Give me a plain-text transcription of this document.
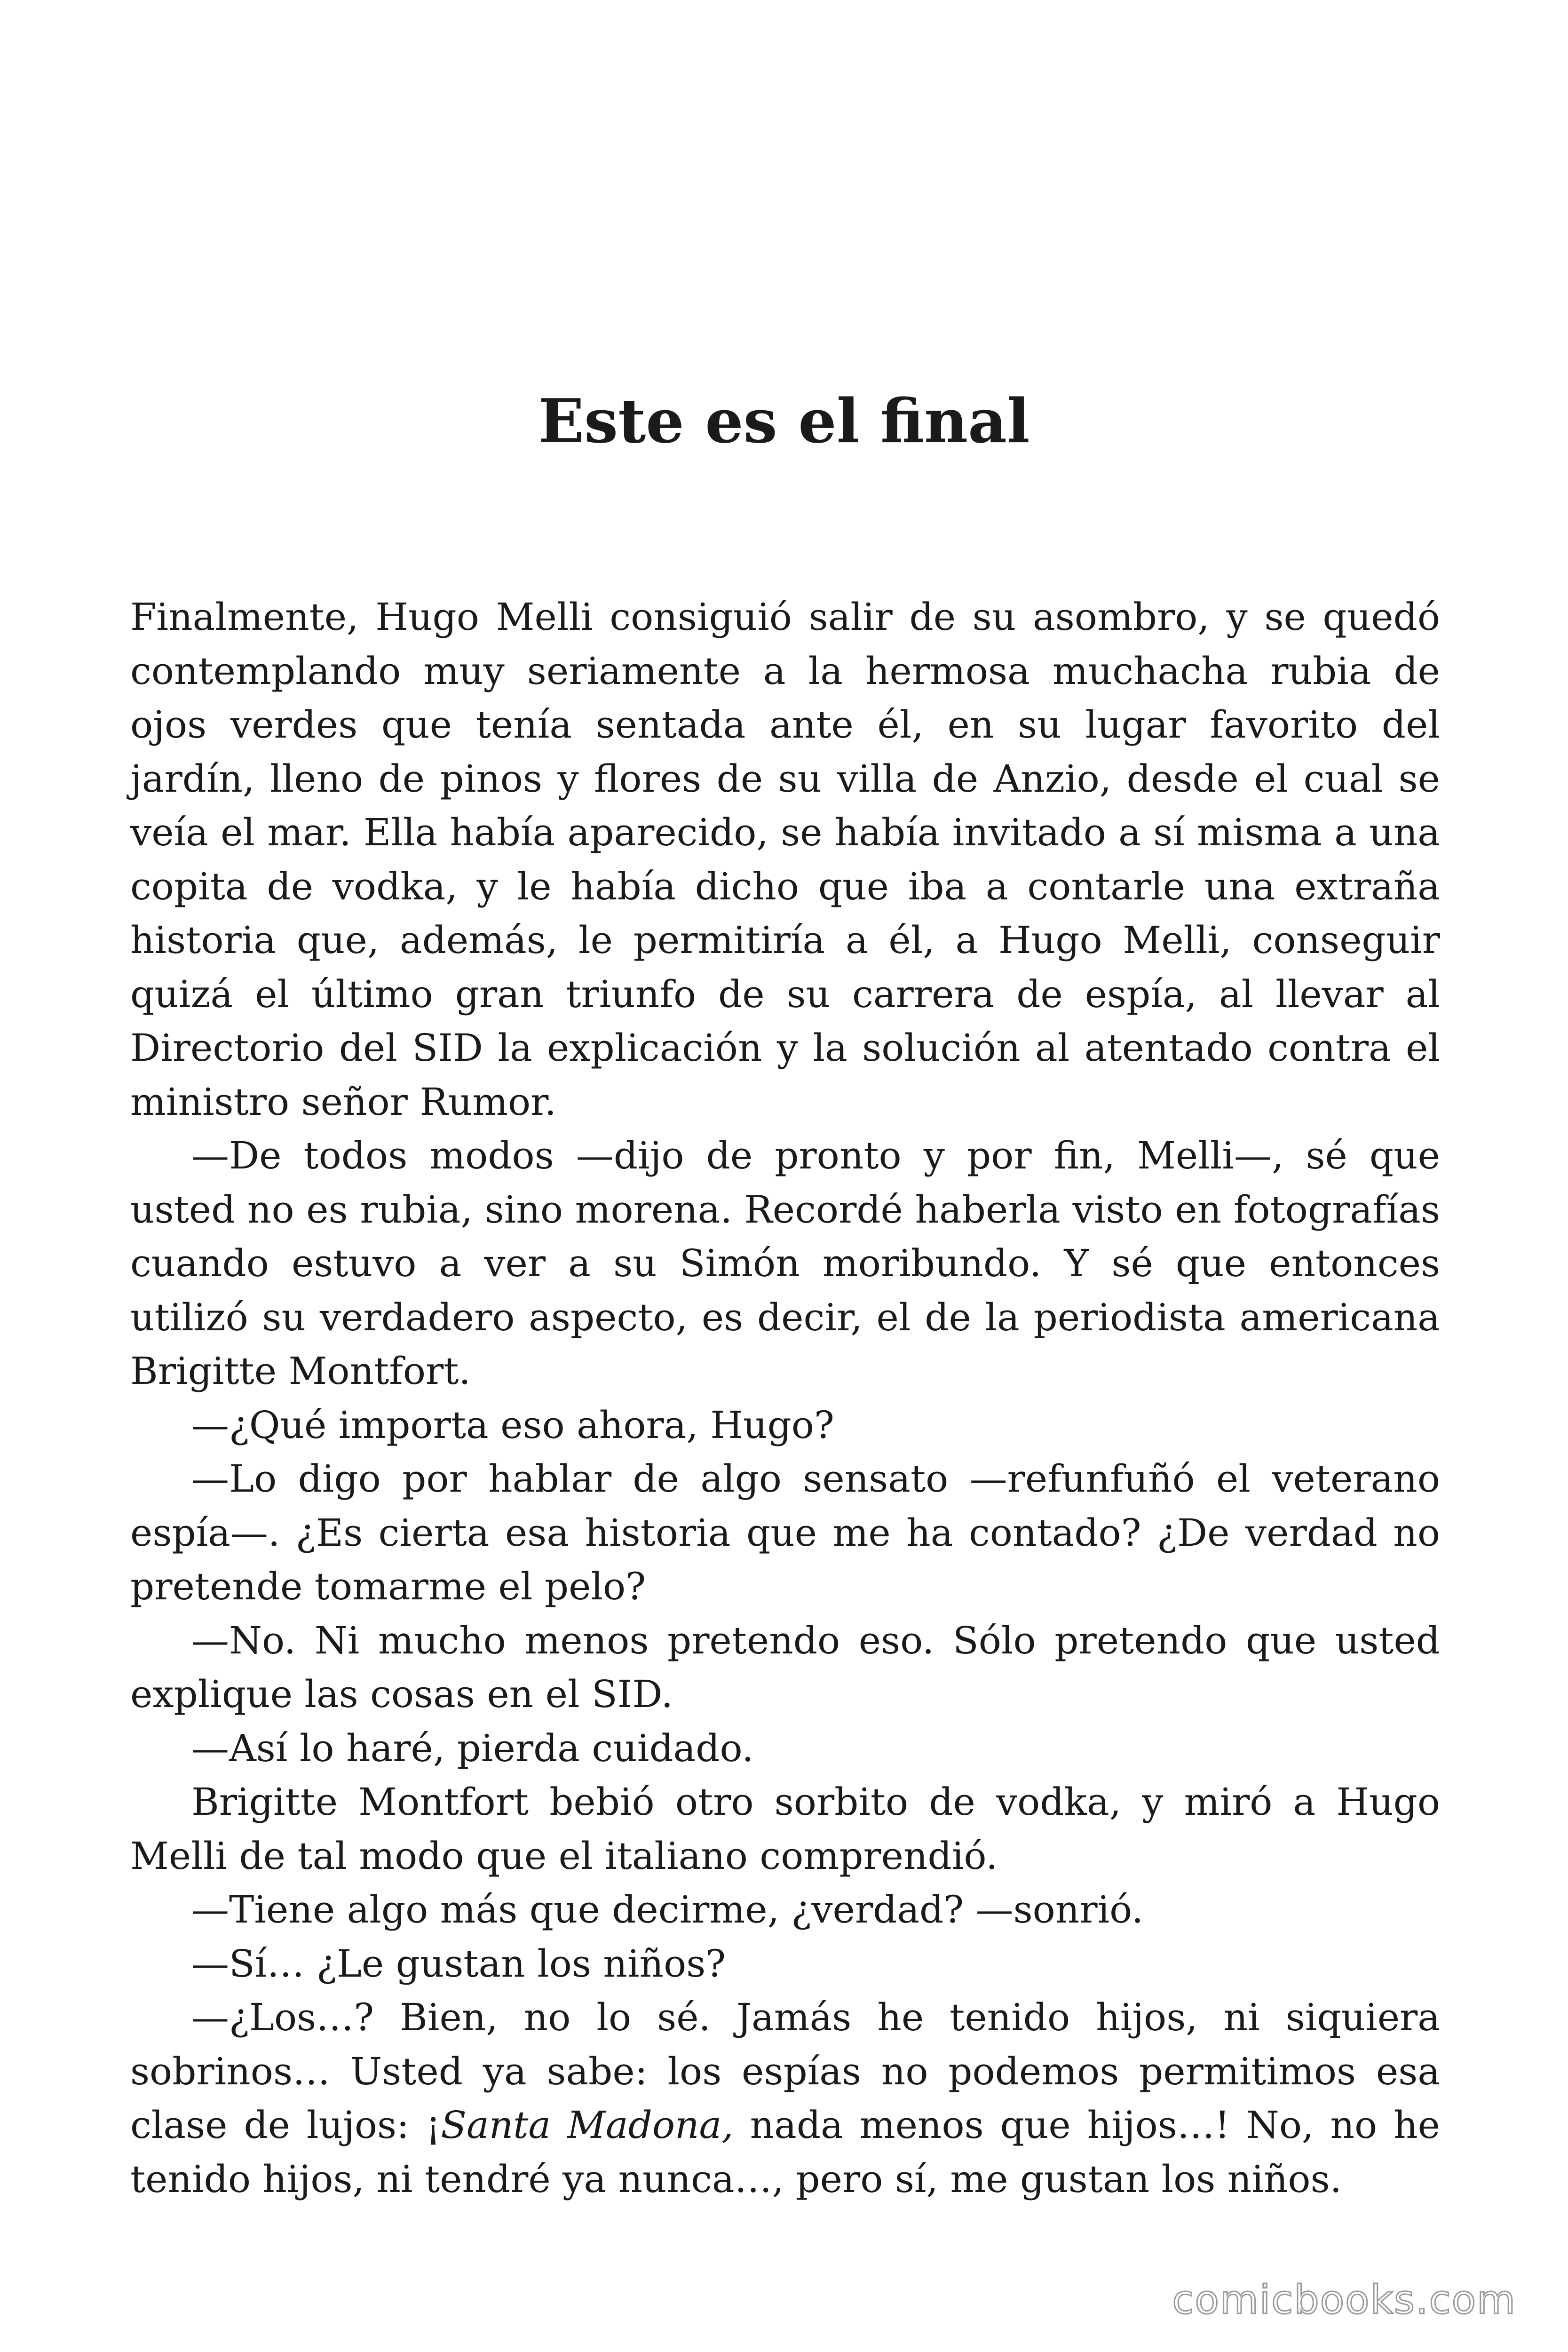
Este es el final

Finalmente, Hugo Melli consiguió salir de su asombro, y se quedó contemplando muy seriamente a la hermosa muchacha rubia de ojos verdes que tenía sentada ante él, en su lugar favorito del jardín, lleno de pinos y flores de su villa de Anzio, desde el cual se veía el mar. Ella había aparecido, se había invitado a sí misma a una copita de vodka, y le había dicho que iba a contarle una extraña historia que, además, le permitiría a él, a Hugo Melli, conseguir quizá el último gran triunfo de su carrera de espía, al llevar al Directorio del SID la explicación y la solución al atentado contra el ministro señor Rumor.

—De todos modos —dijo de pronto y por fin, Melli—, sé que usted no es rubia, sino morena. Recordé haberla visto en fotografías cuando estuvo a ver a su Simón moribundo. Y sé que entonces utilizó su verdadero aspecto, es decir, el de la periodista americana Brigitte Montfort.

—¿Qué importa eso ahora, Hugo?

—Lo digo por hablar de algo sensato —refunfuñó el veterano espía—. ¿Es cierta esa historia que me ha contado? ¿De verdad no pretende tomarme el pelo?

—No. Ni mucho menos pretendo eso. Sólo pretendo que usted explique las cosas en el SID.

—Así lo haré, pierda cuidado.

Brigitte Montfort bebió otro sorbito de vodka, y miró a Hugo Melli de tal modo que el italiano comprendió.

—Tiene algo más que decirme, ¿verdad? —sonrió.

—Sí… ¿Le gustan los niños?

—¿Los…? Bien, no lo sé. Jamás he tenido hijos, ni siquiera sobrinos… Usted ya sabe: los espías no podemos permitimos esa clase de lujos: ¡Santa Madona, nada menos que hijos…! No, no he tenido hijos, ni tendré ya nunca…, pero sí, me gustan los niños.

comicbooks.com
